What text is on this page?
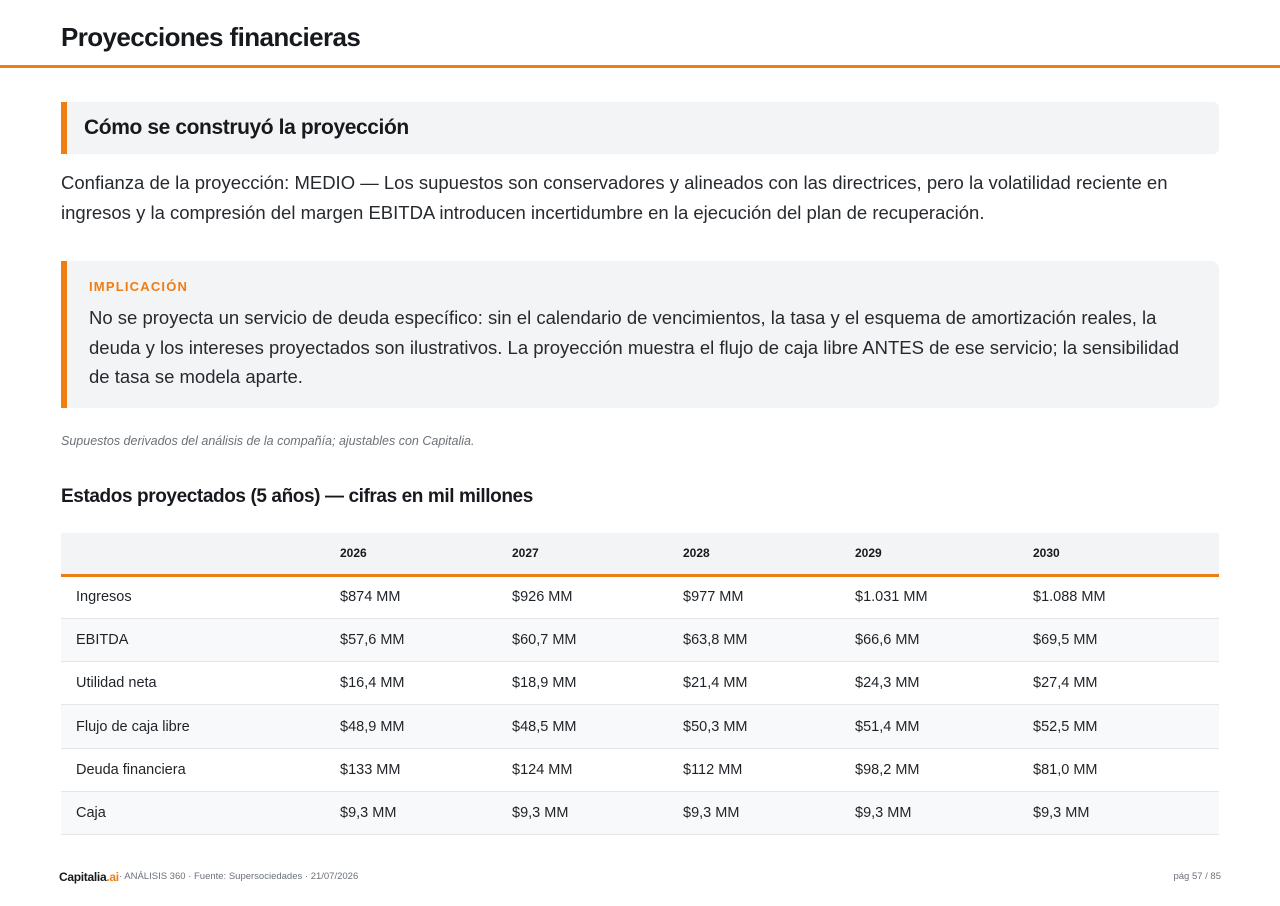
Proyecciones financieras
Cómo se construyó la proyección

Confianza de la proyección: MEDIO — Los supuestos son conservadores y alineados con las directrices, pero la volatilidad reciente en ingresos y la compresión del margen EBITDA introducen incertidumbre en la ejecución del plan de recuperación.

IMPLICACIÓN

No se proyecta un servicio de deuda específico: sin el calendario de vencimientos, la tasa y el esquema de amortización reales, la deuda y los intereses proyectados son ilustrativos. La proyección muestra el flujo de caja libre ANTES de ese servicio; la sensibilidad de tasa se modela aparte.

Supuestos derivados del análisis de la compañía; ajustables con Capitalia.

Estados proyectados (5 años) — cifras en mil millones
	2026	2027	2028	2029	2030
Ingresos	$874 MM	$926 MM	$977 MM	$1.031 MM	$1.088 MM
EBITDA	$57,6 MM	$60,7 MM	$63,8 MM	$66,6 MM	$69,5 MM
Utilidad neta	$16,4 MM	$18,9 MM	$21,4 MM	$24,3 MM	$27,4 MM
Flujo de caja libre	$48,9 MM	$48,5 MM	$50,3 MM	$51,4 MM	$52,5 MM
Deuda financiera	$133 MM	$124 MM	$112 MM	$98,2 MM	$81,0 MM
Caja	$9,3 MM	$9,3 MM	$9,3 MM	$9,3 MM	$9,3 MM
Capitalia.ai · ANÁLISIS 360 · Fuente: Supersociedades · 21/07/2026	pág 57 / 85
